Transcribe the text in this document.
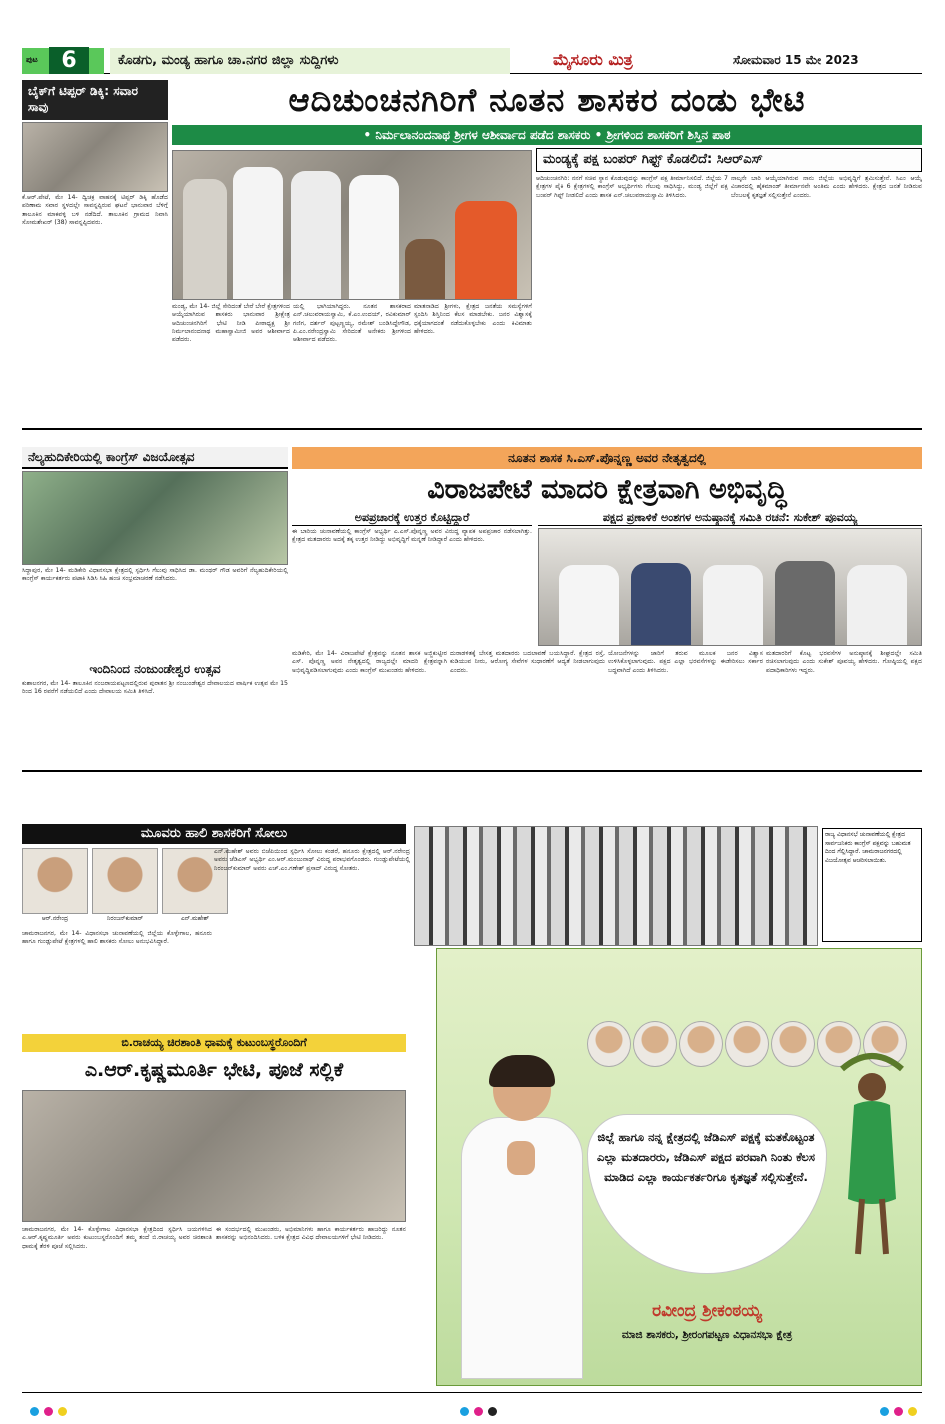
ಪುಟ	6	ಕೊಡಗು, ಮಂಡ್ಯ ಹಾಗೂ ಚಾ.ನಗರ ಜಿಲ್ಲಾ ಸುದ್ದಿಗಳು	ಮೈಸೂರು ಮಿತ್ರ	ಸೋಮವಾರ 15 ಮೇ 2023
ಬೈಕ್‌ಗೆ ಟಿಪ್ಪರ್ ಡಿಕ್ಕಿ: ಸವಾರ ಸಾವು

ಕೆ.ಆರ್.ಪೇಟೆ, ಮೇ 14- ದ್ವಿಚಕ್ರ ವಾಹನಕ್ಕೆ ಟಿಪ್ಪರ್ ಡಿಕ್ಕಿ ಹೊಡೆದ ಪರಿಣಾಮ ಸವಾರ ಸ್ಥಳದಲ್ಲೇ ಸಾವನ್ನಪ್ಪಿರುವ ಘಟನೆ ಭಾನುವಾರ ಬೆಳಿಗ್ಗೆ ತಾಲೂಕಿನ ಮಾಕವಳ್ಳಿ ಬಳಿ ನಡೆದಿದೆ. ತಾಲೂಕಿನ ಗ್ರಾಮದ ನಿವಾಸಿ ಸೋಮಶೇಖರ್ (38) ಸಾವನ್ನಪ್ಪಿದವರು.

ಆದಿಚುಂಚನಗಿರಿಗೆ ನೂತನ ಶಾಸಕರ ದಂಡು ಭೇಟಿ
• ನಿರ್ಮಲಾನಂದನಾಥ ಶ್ರೀಗಳ ಆಶೀರ್ವಾದ ಪಡೆದ ಶಾಸಕರು • ಶ್ರೀಗಳಿಂದ ಶಾಸಕರಿಗೆ ಶಿಸ್ತಿನ ಪಾಠ

ಮಂಡ್ಯ, ಮೇ 14- ಜಿಲ್ಲೆ ಸೇರಿದಂತೆ ಬೇರೆ ಬೇರೆ ಕ್ಷೇತ್ರಗಳಿಂದ ಆಯ್ಕೆಯಾಗಿರುವ ಶಾಸಕರು ಭಾನುವಾರ ಶ್ರೀಕ್ಷೇತ್ರ ಆದಿಚುಂಚನಗಿರಿಗೆ ಭೇಟಿ ನೀಡಿ ಪೀಠಾಧ್ಯಕ್ಷ ಶ್ರೀ ನಿರ್ಮಲಾನಂದನಾಥ ಮಹಾಸ್ವಾಮೀಜಿ ಅವರ ಆಶೀರ್ವಾದ ಪಡೆದರು.

ಯಲ್ಲಿ ಭಾಗಿಯಾಗಿದ್ದರು. ನೂತನ ಶಾಸಕರಾದ ಎನ್.ಚಲುವರಾಯಸ್ವಾಮಿ, ಕೆ.ಎಂ.ಉದಯ್, ರವಿಕುಮಾರ್ ಗಣಿಗ, ದರ್ಶನ್ ಪುಟ್ಟಣ್ಣಯ್ಯ, ರಮೇಶ್ ಬಂಡಿಸಿದ್ದೇಗೌಡ, ಪಿ.ಎಂ.ನರೇಂದ್ರಸ್ವಾಮಿ ಸೇರಿದಂತೆ ಅನೇಕರು ಶ್ರೀಗಳಿಂದ ಆಶೀರ್ವಾದ ಪಡೆದರು.

ಮಾತನಾಡಿದ ಶ್ರೀಗಳು, ಕ್ಷೇತ್ರದ ಜನತೆಯ ಸಮಸ್ಯೆಗಳಿಗೆ ಸ್ಪಂದಿಸಿ ಶಿಸ್ತಿನಿಂದ ಕೆಲಸ ಮಾಡಬೇಕು. ಜನರ ವಿಶ್ವಾಸಕ್ಕೆ ಧಕ್ಕೆಯಾಗದಂತೆ ನಡೆದುಕೊಳ್ಳಬೇಕು ಎಂದು ಕಿವಿಮಾತು ಹೇಳಿದರು.

ಮಂಡ್ಯಕ್ಕೆ ಪಕ್ಷ ಬಂಪರ್ ಗಿಫ್ಟ್ ಕೊಡಲಿದೆ: ಸಿಆರ್‌ಎಸ್

ಆದಿಚುಂಚನಗಿರಿ: ನನಗೆ ಸಚಿವ ಸ್ಥಾನ ಕೊಡುವುದನ್ನು ಕಾಂಗ್ರೆಸ್ ಪಕ್ಷ ತೀರ್ಮಾನಿಸಲಿದೆ. ಜಿಲ್ಲೆಯ 7 ಕ್ಷೇತ್ರಗಳ ಪೈಕಿ 6 ಕ್ಷೇತ್ರಗಳಲ್ಲಿ ಕಾಂಗ್ರೆಸ್ ಅಭ್ಯರ್ಥಿಗಳು ಗೆಲುವು ಸಾಧಿಸಿದ್ದು, ಮಂಡ್ಯ ಜಿಲ್ಲೆಗೆ ಪಕ್ಷ ಬಂಪರ್ ಗಿಫ್ಟ್ ನೀಡಲಿದೆ ಎಂದು ಶಾಸಕ ಎನ್.ಚಲುವರಾಯಸ್ವಾಮಿ ತಿಳಿಸಿದರು.

ನಾಲ್ಕನೇ ಬಾರಿ ಆಯ್ಕೆಯಾಗಿರುವ ನಾನು ಜಿಲ್ಲೆಯ ಅಭಿವೃದ್ಧಿಗೆ ಶ್ರಮಿಸುತ್ತೇನೆ. ಸಿಎಂ ಆಯ್ಕೆ ವಿಚಾರದಲ್ಲಿ ಹೈಕಮಾಂಡ್ ತೀರ್ಮಾನವೇ ಅಂತಿಮ ಎಂದು ಹೇಳಿದರು. ಕ್ಷೇತ್ರದ ಜನತೆ ನೀಡಿರುವ ಬೆಂಬಲಕ್ಕೆ ಕೃತಜ್ಞತೆ ಸಲ್ಲಿಸುತ್ತೇನೆ ಎಂದರು.

ನೆಲ್ಯಹುದಿಕೇರಿಯಲ್ಲಿ ಕಾಂಗ್ರೆಸ್ ವಿಜಯೋತ್ಸವ

ಸಿದ್ದಾಪುರ, ಮೇ 14- ಮಡಿಕೇರಿ ವಿಧಾನಸಭಾ ಕ್ಷೇತ್ರದಲ್ಲಿ ಸ್ಪರ್ಧಿಸಿ ಗೆಲುವು ಸಾಧಿಸಿದ ಡಾ. ಮಂಥರ್ ಗೌಡ ಅವರಿಗೆ ನೆಲ್ಯಹುದಿಕೇರಿಯಲ್ಲಿ ಕಾಂಗ್ರೆಸ್ ಕಾರ್ಯಕರ್ತರು ಪಟಾಕಿ ಸಿಡಿಸಿ ಸಿಹಿ ಹಂಚಿ ಸಂಭ್ರಮಾಚರಣೆ ನಡೆಸಿದರು.

ಇಂದಿನಿಂದ ನಂಜುಂಡೇಶ್ವರ ಉತ್ಸವ

ಕುಶಾಲನಗರ, ಮೇ 14- ತಾಲೂಕಿನ ನಂಜರಾಯಪಟ್ಟಣದಲ್ಲಿರುವ ಪುರಾತನ ಶ್ರೀ ನಂಜುಂಡೇಶ್ವರ ದೇವಾಲಯದ ವಾರ್ಷಿಕ ಉತ್ಸವ ಮೇ 15 ರಿಂದ 16 ರವರೆಗೆ ನಡೆಯಲಿದೆ ಎಂದು ದೇವಾಲಯ ಸಮಿತಿ ತಿಳಿಸಿದೆ.

ನೂತನ ಶಾಸಕ ಸಿ.ಎಸ್.ಪೊನ್ನಣ್ಣ ಅವರ ನೇತೃತ್ವದಲ್ಲಿ
ವಿರಾಜಪೇಟೆ ಮಾದರಿ ಕ್ಷೇತ್ರವಾಗಿ ಅಭಿವೃದ್ಧಿ
ಅಪಪ್ರಚಾರಕ್ಕೆ ಉತ್ತರ ಕೊಟ್ಟಿದ್ದಾರೆ	ಪಕ್ಷದ ಪ್ರಣಾಳಿಕೆ ಅಂಶಗಳ ಅನುಷ್ಠಾನಕ್ಕೆ ಸಮಿತಿ ರಚನೆ: ಸುಕೇಶ್ ಪೂವಯ್ಯ

ಈ ಬಾರಿಯ ಚುನಾವಣೆಯಲ್ಲಿ ಕಾಂಗ್ರೆಸ್ ಅಭ್ಯರ್ಥಿ ಎ.ಎಸ್.ಪೊನ್ನಣ್ಣ ಅವರ ವಿರುದ್ಧ ವ್ಯಾಪಕ ಅಪಪ್ರಚಾರ ನಡೆಸಲಾಗಿತ್ತು. ಕ್ಷೇತ್ರದ ಮತದಾರರು ಅದಕ್ಕೆ ತಕ್ಕ ಉತ್ತರ ನೀಡಿದ್ದು ಅಭಿವೃದ್ಧಿಗೆ ಮನ್ನಣೆ ನೀಡಿದ್ದಾರೆ ಎಂದು ಹೇಳಿದರು.

ಮಡಿಕೇರಿ, ಮೇ 14- ವಿರಾಜಪೇಟೆ ಕ್ಷೇತ್ರವನ್ನು ನೂತನ ಶಾಸಕ ಅಜ್ಜಿಕುಟ್ಟೀರ ಎಸ್. ಪೊನ್ನಣ್ಣ ಅವರ ನೇತೃತ್ವದಲ್ಲಿ ರಾಜ್ಯದಲ್ಲೇ ಮಾದರಿ ಕ್ಷೇತ್ರವನ್ನಾಗಿ ಅಭಿವೃದ್ಧಿಪಡಿಸಲಾಗುವುದು ಎಂದು ಕಾಂಗ್ರೆಸ್ ಮುಖಂಡರು ಹೇಳಿದರು.

ದುರಾಡಳಿತಕ್ಕೆ ಬೇಸತ್ತ ಮತದಾರರು ಬದಲಾವಣೆ ಬಯಸಿದ್ದಾರೆ. ಕ್ಷೇತ್ರದ ರಸ್ತೆ, ಕುಡಿಯುವ ನೀರು, ಆರೋಗ್ಯ ಸೇವೆಗಳ ಸುಧಾರಣೆಗೆ ಆದ್ಯತೆ ನೀಡಲಾಗುವುದು ಎಂದರು.

ಯೋಜನೆಗಳನ್ನು ಜಾರಿಗೆ ತರುವ ಮೂಲಕ ಜನರ ವಿಶ್ವಾಸ ಉಳಿಸಿಕೊಳ್ಳಲಾಗುವುದು. ಪಕ್ಷದ ಎಲ್ಲಾ ಭರವಸೆಗಳನ್ನು ಈಡೇರಿಸಲು ಸರ್ಕಾರ ಬದ್ಧವಾಗಿದೆ ಎಂದು ತಿಳಿಸಿದರು.

ಮತದಾರರಿಗೆ ಕೊಟ್ಟ ಭರವಸೆಗಳ ಅನುಷ್ಠಾನಕ್ಕೆ ಶೀಘ್ರದಲ್ಲೇ ಸಮಿತಿ ರಚಿಸಲಾಗುವುದು ಎಂದು ಸುಕೇಶ್ ಪೂವಯ್ಯ ಹೇಳಿದರು. ಗೋಷ್ಠಿಯಲ್ಲಿ ಪಕ್ಷದ ಪದಾಧಿಕಾರಿಗಳು ಇದ್ದರು.

ಮೂವರು ಹಾಲಿ ಶಾಸಕರಿಗೆ ಸೋಲು
ಆರ್.ನರೇಂದ್ರ	ನಿರಂಜನ್‌ಕುಮಾರ್	ಎನ್.ಮಹೇಶ್

ಚಾಮರಾಜನಗರ, ಮೇ 14- ವಿಧಾನಸಭಾ ಚುನಾವಣೆಯಲ್ಲಿ ಜಿಲ್ಲೆಯ ಕೊಳ್ಳೇಗಾಲ, ಹನೂರು ಹಾಗೂ ಗುಂಡ್ಲುಪೇಟೆ ಕ್ಷೇತ್ರಗಳಲ್ಲಿ ಹಾಲಿ ಶಾಸಕರು ಸೋಲು ಅನುಭವಿಸಿದ್ದಾರೆ.

ಎನ್.ಮಹೇಶ್ ಅವರು ಬಿಜೆಪಿಯಿಂದ ಸ್ಪರ್ಧಿಸಿ ಸೋಲು ಕಂಡರೆ, ಹನೂರು ಕ್ಷೇತ್ರದಲ್ಲಿ ಆರ್.ನರೇಂದ್ರ ಅವರು ಜೆಡಿಎಸ್ ಅಭ್ಯರ್ಥಿ ಎಂ.ಆರ್.ಮಂಜುನಾಥ್ ವಿರುದ್ಧ ಪರಾಭವಗೊಂಡರು. ಗುಂಡ್ಲುಪೇಟೆಯಲ್ಲಿ ನಿರಂಜನ್‌ಕುಮಾರ್ ಅವರು ಎಚ್.ಎಂ.ಗಣೇಶ್ ಪ್ರಸಾದ್ ವಿರುದ್ಧ ಸೋತರು.

ಬಿ.ರಾಚಯ್ಯ ಚಿರಶಾಂತಿ ಧಾಮಕ್ಕೆ ಕುಟುಂಬಸ್ಥರೊಂದಿಗೆ
ಎ.ಆರ್.ಕೃಷ್ಣಮೂರ್ತಿ ಭೇಟಿ, ಪೂಜೆ ಸಲ್ಲಿಕೆ

ಚಾಮರಾಜನಗರ, ಮೇ 14- ಕೊಳ್ಳೇಗಾಲ ವಿಧಾನಸಭಾ ಕ್ಷೇತ್ರದಿಂದ ಸ್ಪರ್ಧಿಸಿ ಜಯಗಳಿಸಿದ ಎ.ಆರ್.ಕೃಷ್ಣಮೂರ್ತಿ ಅವರು ಕುಟುಂಬಸ್ಥರೊಂದಿಗೆ ತಮ್ಮ ತಂದೆ ಬಿ.ರಾಚಯ್ಯ ಅವರ ಚಿರಶಾಂತಿ ಧಾಮಕ್ಕೆ ತೆರಳಿ ಪೂಜೆ ಸಲ್ಲಿಸಿದರು.

ಈ ಸಂದರ್ಭದಲ್ಲಿ ಮುಖಂಡರು, ಅಭಿಮಾನಿಗಳು ಹಾಗೂ ಕಾರ್ಯಕರ್ತರು ಹಾಜರಿದ್ದು ನೂತನ ಶಾಸಕರನ್ನು ಅಭಿನಂದಿಸಿದರು. ಬಳಿಕ ಕ್ಷೇತ್ರದ ವಿವಿಧ ದೇವಾಲಯಗಳಿಗೆ ಭೇಟಿ ನೀಡಿದರು.

ರಾಜ್ಯ ವಿಧಾನಸಭೆ ಚುನಾವಣೆಯಲ್ಲಿ ಕ್ಷೇತ್ರದ ಸಾರ್ವಜನಿಕರು ಕಾಂಗ್ರೆಸ್ ಪಕ್ಷವನ್ನು ಬಹುಮತ ದಿಂದ ಗೆಲ್ಲಿಸಿದ್ದಾರೆ. ಚಾಮರಾಜನಗರದಲ್ಲಿ ವಿಜಯೋತ್ಸವ ಆಚರಿಸಲಾಯಿತು.
ಜಿಲ್ಲೆ ಹಾಗೂ ನನ್ನ ಕ್ಷೇತ್ರದಲ್ಲಿ ಜೆಡಿಎಸ್ ಪಕ್ಷಕ್ಕೆ ಮತಕೊಟ್ಟಂತ ಎಲ್ಲಾ ಮತದಾರರು, ಜೆಡಿಎಸ್ ಪಕ್ಷದ ಪರವಾಗಿ ನಿಂತು ಕೆಲಸ ಮಾಡಿದ ಎಲ್ಲಾ ಕಾರ್ಯಕರ್ತರಿಗೂ ಕೃತಜ್ಞತೆ ಸಲ್ಲಿಸುತ್ತೇನೆ.
ರವೀಂದ್ರ ಶ್ರೀಕಂಠಯ್ಯ
ಮಾಜಿ ಶಾಸಕರು, ಶ್ರೀರಂಗಪಟ್ಟಣ ವಿಧಾನಸಭಾ ಕ್ಷೇತ್ರ
